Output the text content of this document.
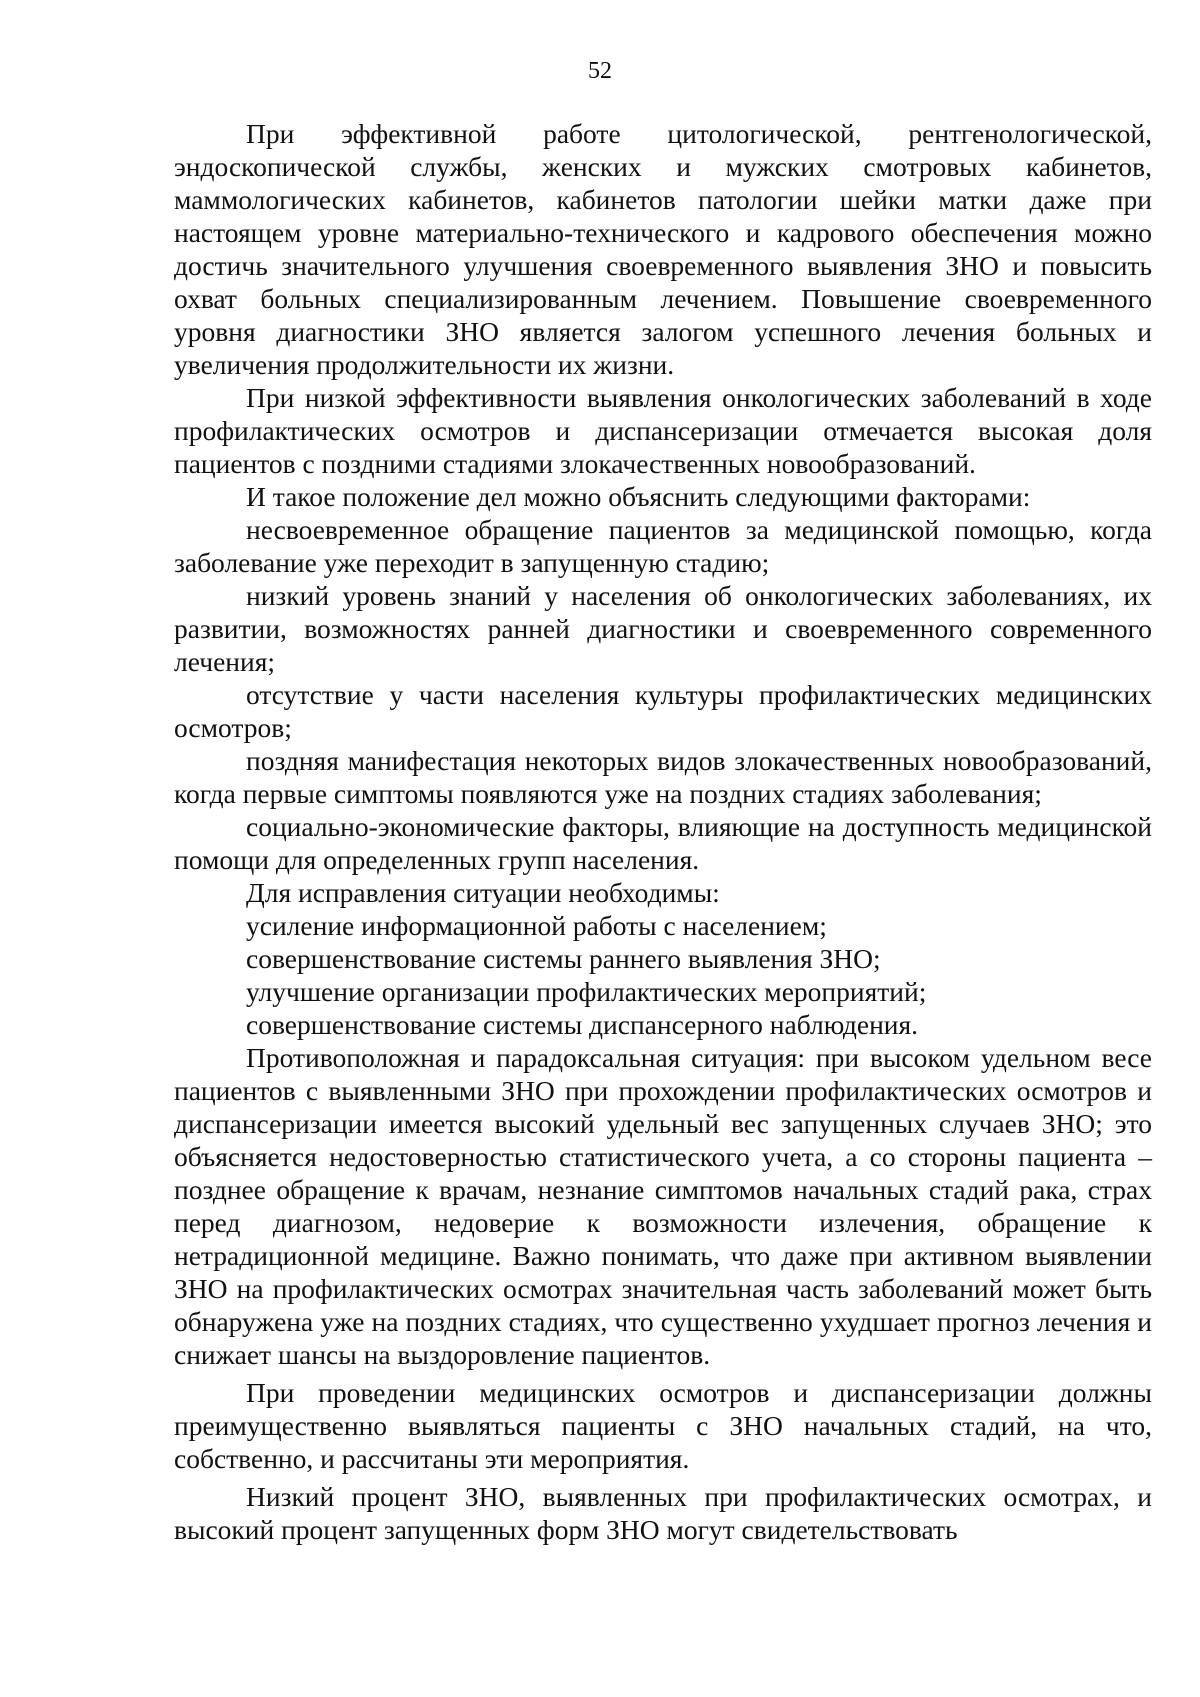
52

При эффективной работе цитологической, рентгенологической, эндоскопической службы, женских и мужских смотровых кабинетов, маммологических кабинетов, кабинетов патологии шейки матки даже при настоящем уровне материально-технического и кадрового обеспечения можно достичь значительного улучшения своевременного выявления ЗНО и повысить охват больных специализированным лечением. Повышение своевременного уровня диагностики ЗНО является залогом успешного лечения больных и увеличения продолжительности их жизни.

При низкой эффективности выявления онкологических заболеваний в ходе профилактических осмотров и диспансеризации отмечается высокая доля пациентов с поздними стадиями злокачественных новообразований.

И такое положение дел можно объяснить следующими факторами:

несвоевременное обращение пациентов за медицинской помощью, когда заболевание уже переходит в запущенную стадию;

низкий уровень знаний у населения об онкологических заболеваниях, их развитии, возможностях ранней диагностики и своевременного современного лечения;

отсутствие у части населения культуры профилактических медицинских осмотров;

поздняя манифестация некоторых видов злокачественных новообразований, когда первые симптомы появляются уже на поздних стадиях заболевания;

социально-экономические факторы, влияющие на доступность медицинской помощи для определенных групп населения.

Для исправления ситуации необходимы:

усиление информационной работы с населением;

совершенствование системы раннего выявления ЗНО;

улучшение организации профилактических мероприятий;

совершенствование системы диспансерного наблюдения.

Противоположная и парадоксальная ситуация: при высоком удельном весе пациентов с выявленными ЗНО при прохождении профилактических осмотров и диспансеризации имеется высокий удельный вес запущенных случаев ЗНО; это объясняется недостоверностью статистического учета, а со стороны пациента – позднее обращение к врачам, незнание симптомов начальных стадий рака, страх перед диагнозом, недоверие к возможности излечения, обращение к нетрадиционной медицине. Важно понимать, что даже при активном выявлении ЗНО на профилактических осмотрах значительная часть заболеваний может быть обнаружена уже на поздних стадиях, что существенно ухудшает прогноз лечения и снижает шансы на выздоровление пациентов.

При проведении медицинских осмотров и диспансеризации должны преимущественно выявляться пациенты с ЗНО начальных стадий, на что, собственно, и рассчитаны эти мероприятия.

Низкий процент ЗНО, выявленных при профилактических осмотрах, и высокий процент запущенных форм ЗНО могут свидетельствовать
